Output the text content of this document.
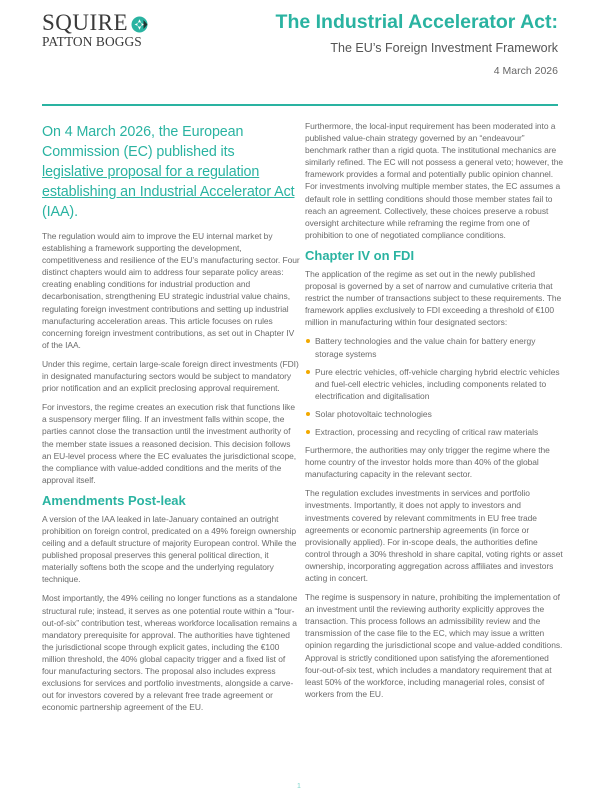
SQUIRE
PATTON BOGGS
The Industrial Accelerator Act:
The EU’s Foreign Investment Framework
4 March 2026
On 4 March 2026, the European Commission (EC) published its legislative proposal for a regulation establishing an Industrial Accelerator Act (IAA).

The regulation would aim to improve the EU internal market by establishing a framework supporting the development, competitiveness and resilience of the EU’s manufacturing sector. Four distinct chapters would aim to address four separate policy areas: creating enabling conditions for industrial production and decarbonisation, strengthening EU strategic industrial value chains, regulating foreign investment contributions and setting up industrial manufacturing acceleration areas. This article focuses on rules concerning foreign investment contributions, as set out in Chapter IV of the IAA.

Under this regime, certain large-scale foreign direct investments (FDI) in designated manufacturing sectors would be subject to mandatory prior notification and an explicit preclosing approval requirement.

For investors, the regime creates an execution risk that functions like a suspensory merger filing. If an investment falls within scope, the parties cannot close the transaction until the investment authority of the member state issues a reasoned decision. This decision follows an EU-level process where the EC evaluates the jurisdictional scope, the compliance with value-added conditions and the merits of the approval itself.

Amendments Post-leak

A version of the IAA leaked in late-January contained an outright prohibition on foreign control, predicated on a 49% foreign ownership ceiling and a default structure of majority European control. While the published proposal preserves this general political direction, it materially softens both the scope and the underlying regulatory technique.

Most importantly, the 49% ceiling no longer functions as a standalone structural rule; instead, it serves as one potential route within a “four-out-of-six” contribution test, whereas workforce localisation remains a mandatory prerequisite for approval. The authorities have tightened the jurisdictional scope through explicit gates, including the €100 million threshold, the 40% global capacity trigger and a fixed list of four manufacturing sectors. The proposal also includes express exclusions for services and portfolio investments, alongside a carve-out for investors covered by a relevant free trade agreement or economic partnership agreement of the EU.

Furthermore, the local-input requirement has been moderated into a published value-chain strategy governed by an “endeavour” benchmark rather than a rigid quota. The institutional mechanics are similarly refined. The EC will not possess a general veto; however, the framework provides a formal and potentially public opinion channel. For investments involving multiple member states, the EC assumes a default role in settling conditions should those member states fail to reach an agreement. Collectively, these choices preserve a robust oversight architecture while reframing the regime from one of prohibition to one of negotiated compliance conditions.

Chapter IV on FDI

The application of the regime as set out in the newly published proposal is governed by a set of narrow and cumulative criteria that restrict the number of transactions subject to these requirements. The framework applies exclusively to FDI exceeding a threshold of €100 million in manufacturing within four designated sectors:

Battery technologies and the value chain for battery energy storage systems
Pure electric vehicles, off-vehicle charging hybrid electric vehicles and fuel-cell electric vehicles, including components related to electrification and digitalisation
Solar photovoltaic technologies
Extraction, processing and recycling of critical raw materials

Furthermore, the authorities may only trigger the regime where the home country of the investor holds more than 40% of the global manufacturing capacity in the relevant sector.

The regulation excludes investments in services and portfolio investments. Importantly, it does not apply to investors and investments covered by relevant commitments in EU free trade agreements or economic partnership agreements (in force or provisionally applied). For in-scope deals, the authorities define control through a 30% threshold in share capital, voting rights or asset ownership, incorporating aggregation across affiliates and investors acting in concert.

The regime is suspensory in nature, prohibiting the implementation of an investment until the reviewing authority explicitly approves the transaction. This process follows an admissibility review and the transmission of the case file to the EC, which may issue a written opinion regarding the jurisdictional scope and value-added conditions. Approval is strictly conditioned upon satisfying the aforementioned four-out-of-six test, which includes a mandatory requirement that at least 50% of the workforce, including managerial roles, consist of workers from the EU.

1
